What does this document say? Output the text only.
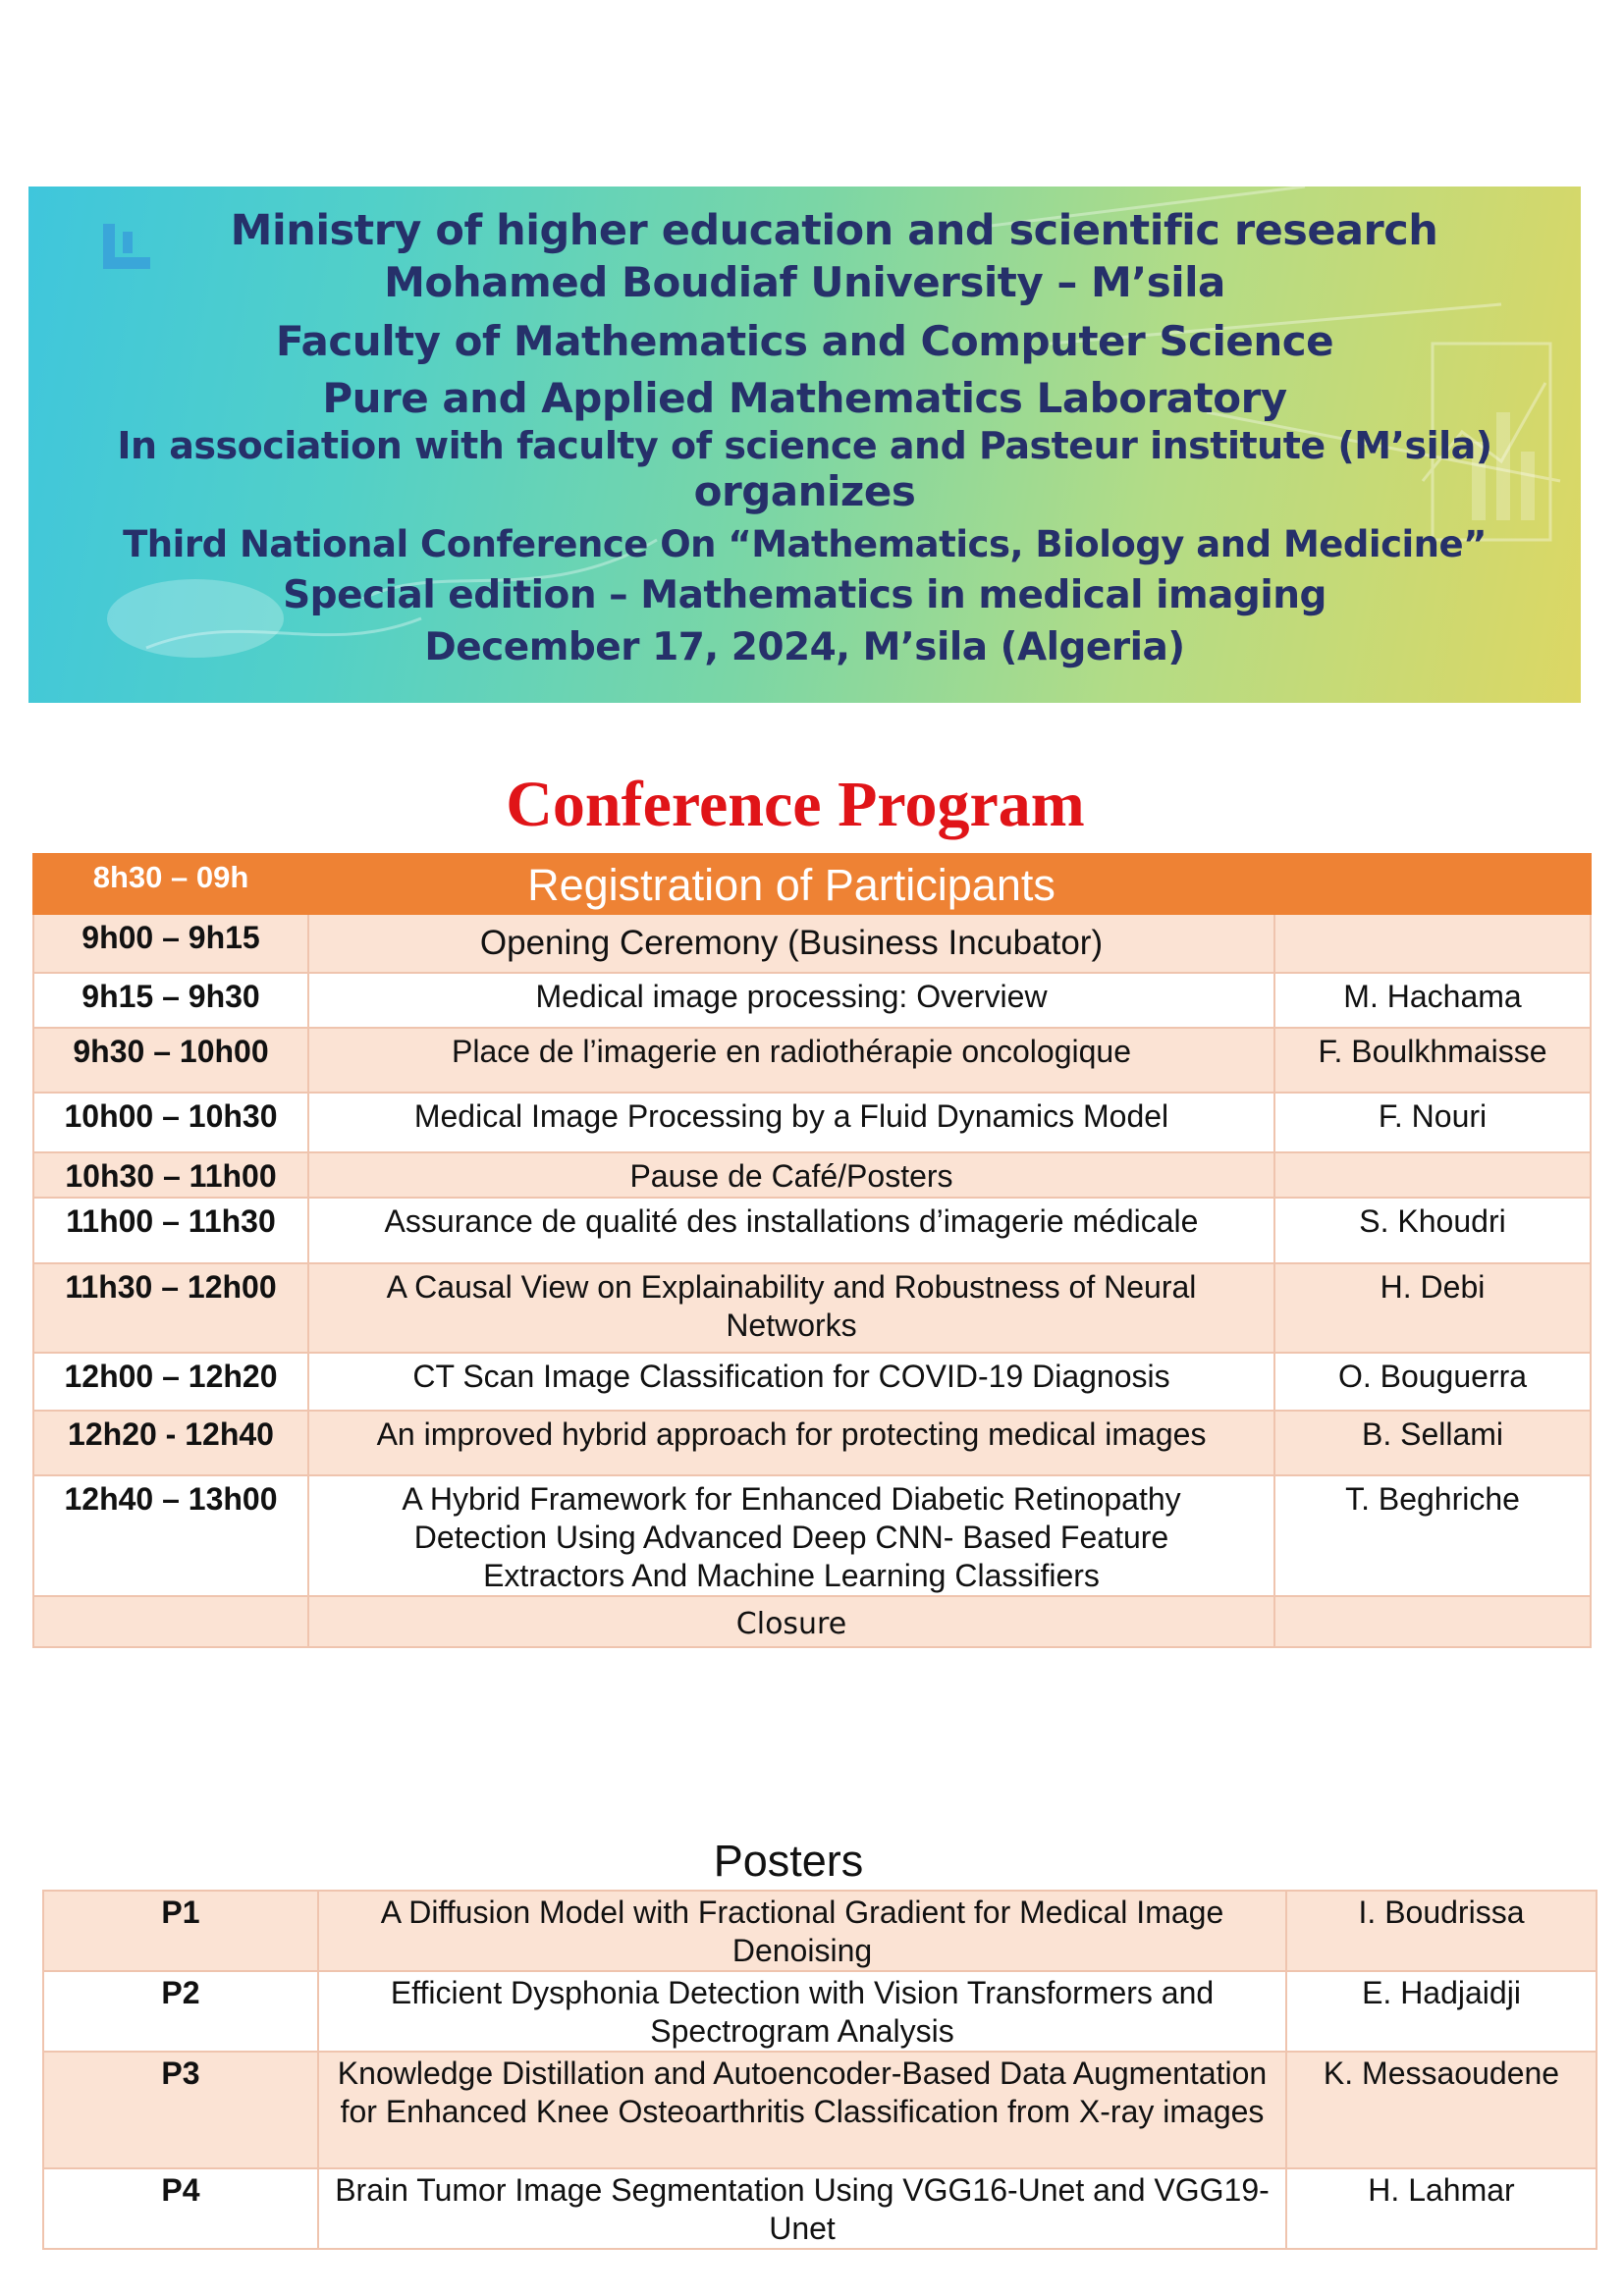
Ministry of higher education and scientific research
Mohamed Boudiaf University – M’sila
Faculty of Mathematics and Computer Science
Pure and Applied Mathematics Laboratory
In association with faculty of science and Pasteur institute (M’sila)
organizes
Third National Conference On “Mathematics, Biology and Medicine”
Special edition – Mathematics in medical imaging
December 17, 2024, M’sila (Algeria)
Conference Program
8h30 – 09h	Registration of Participants	
9h00 – 9h15	Opening Ceremony (Business Incubator)	
9h15 – 9h30	Medical image processing: Overview	M. Hachama
9h30 – 10h00	Place de l’imagerie en radiothérapie oncologique	F. Boulkhmaisse
10h00 – 10h30	Medical Image Processing by a Fluid Dynamics Model	F. Nouri
10h30 – 11h00	Pause de Café/Posters	
11h00 – 11h30	Assurance de qualité des installations d’imagerie médicale	S. Khoudri
11h30 – 12h00	A Causal View on Explainability and Robustness of Neural Networks	H. Debi
12h00 – 12h20	CT Scan Image Classification for COVID-19 Diagnosis	O. Bouguerra
12h20 - 12h40	An improved hybrid approach for protecting medical images	B. Sellami
12h40 – 13h00	A Hybrid Framework for Enhanced Diabetic Retinopathy Detection Using Advanced Deep CNN- Based Feature Extractors And Machine Learning Classifiers	T. Beghriche
	Closure	
Posters
P1	A Diffusion Model with Fractional Gradient for Medical Image Denoising	I. Boudrissa
P2	Efficient Dysphonia Detection with Vision Transformers and Spectrogram Analysis	E. Hadjaidji
P3	Knowledge Distillation and Autoencoder-Based Data Augmentation for Enhanced Knee Osteoarthritis Classification from X-ray images	K. Messaoudene
P4	Brain Tumor Image Segmentation Using VGG16-Unet and VGG19-Unet	H. Lahmar
